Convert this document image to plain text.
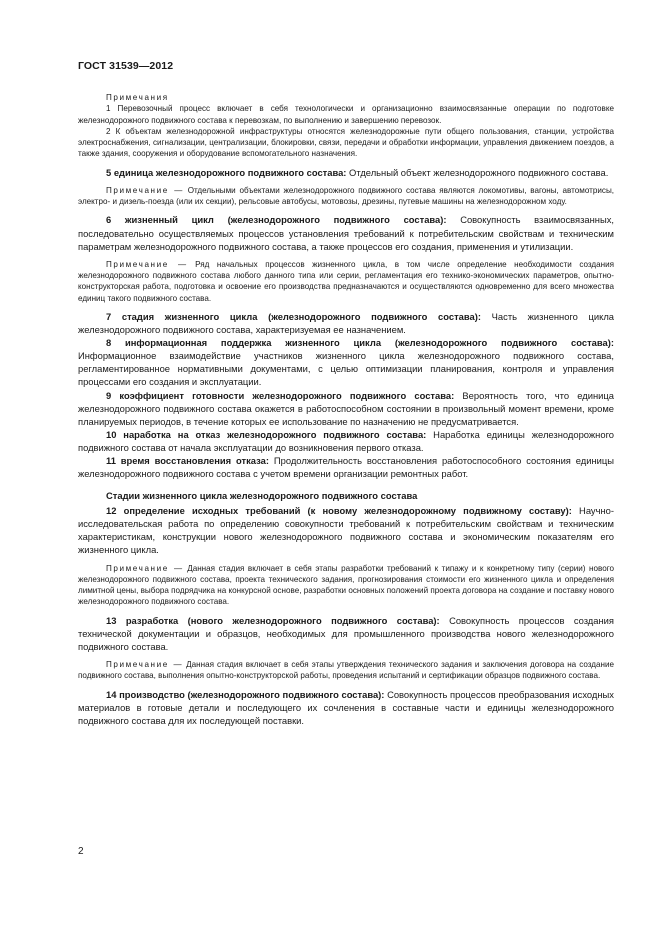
ГОСТ 31539—2012

Примечания

1 Перевозочный процесс включает в себя технологически и организационно взаимосвязанные операции по подготовке железнодорожного подвижного состава к перевозкам, по выполнению и завершению перевозок.

2 К объектам железнодорожной инфраструктуры относятся железнодорожные пути общего пользования, станции, устройства электроснабжения, сигнализации, централизации, блокировки, связи, передачи и обработки информации, управления движением поездов, а также здания, сооружения и оборудование вспомогательного назначения.

5 единица железнодорожного подвижного состава: Отдельный объект железнодорожного подвижного состава.

Примечание — Отдельными объектами железнодорожного подвижного состава являются локомотивы, вагоны, автомотрисы, электро- и дизель-поезда (или их секции), рельсовые автобусы, мотовозы, дрезины, путевые машины на железнодорожном ходу.

6 жизненный цикл (железнодорожного подвижного состава): Совокупность взаимосвязанных, последовательно осуществляемых процессов установления требований к потребительским свойствам и техническим параметрам железнодорожного подвижного состава, а также процессов его создания, применения и утилизации.

Примечание — Ряд начальных процессов жизненного цикла, в том числе определение необходимости создания железнодорожного подвижного состава любого данного типа или серии, регламентация его технико-экономических параметров, опытно-конструкторская работа, подготовка и освоение его производства предназначаются и осуществляются одновременно для всего множества единиц такого подвижного состава.

7 стадия жизненного цикла (железнодорожного подвижного состава): Часть жизненного цикла железнодорожного подвижного состава, характеризуемая ее назначением.

8 информационная поддержка жизненного цикла (железнодорожного подвижного состава): Информационное взаимодействие участников жизненного цикла железнодорожного подвижного состава, регламентированное нормативными документами, с целью оптимизации планирования, контроля и управления процессами его создания и эксплуатации.

9 коэффициент готовности железнодорожного подвижного состава: Вероятность того, что единица железнодорожного подвижного состава окажется в работоспособном состоянии в произвольный момент времени, кроме планируемых периодов, в течение которых ее использование по назначению не предусматривается.

10 наработка на отказ железнодорожного подвижного состава: Наработка единицы железнодорожного подвижного состава от начала эксплуатации до возникновения первого отказа.

11 время восстановления отказа: Продолжительность восстановления работоспособного состояния единицы железнодорожного подвижного состава с учетом времени организации ремонтных работ.

Стадии жизненного цикла железнодорожного подвижного состава

12 определение исходных требований (к новому железнодорожному подвижному составу): Научно-исследовательская работа по определению совокупности требований к потребительским свойствам и техническим характеристикам, конструкции нового железнодорожного подвижного состава и экономическим показателям его жизненного цикла.

Примечание — Данная стадия включает в себя этапы разработки требований к типажу и к конкретному типу (серии) нового железнодорожного подвижного состава, проекта технического задания, прогнозирования стоимости его жизненного цикла и определения лимитной цены, выбора подрядчика на конкурсной основе, разработки основных положений проекта договора на создание и поставку нового железнодорожного подвижного состава.

13 разработка (нового железнодорожного подвижного состава): Совокупность процессов создания технической документации и образцов, необходимых для промышленного производства нового железнодорожного подвижного состава.

Примечание — Данная стадия включает в себя этапы утверждения технического задания и заключения договора на создание подвижного состава, выполнения опытно-конструкторской работы, проведения испытаний и сертификации образцов подвижного состава.

14 производство (железнодорожного подвижного состава): Совокупность процессов преобразования исходных материалов в готовые детали и последующего их сочленения в составные части и единицы железнодорожного подвижного состава для их последующей поставки.

2
